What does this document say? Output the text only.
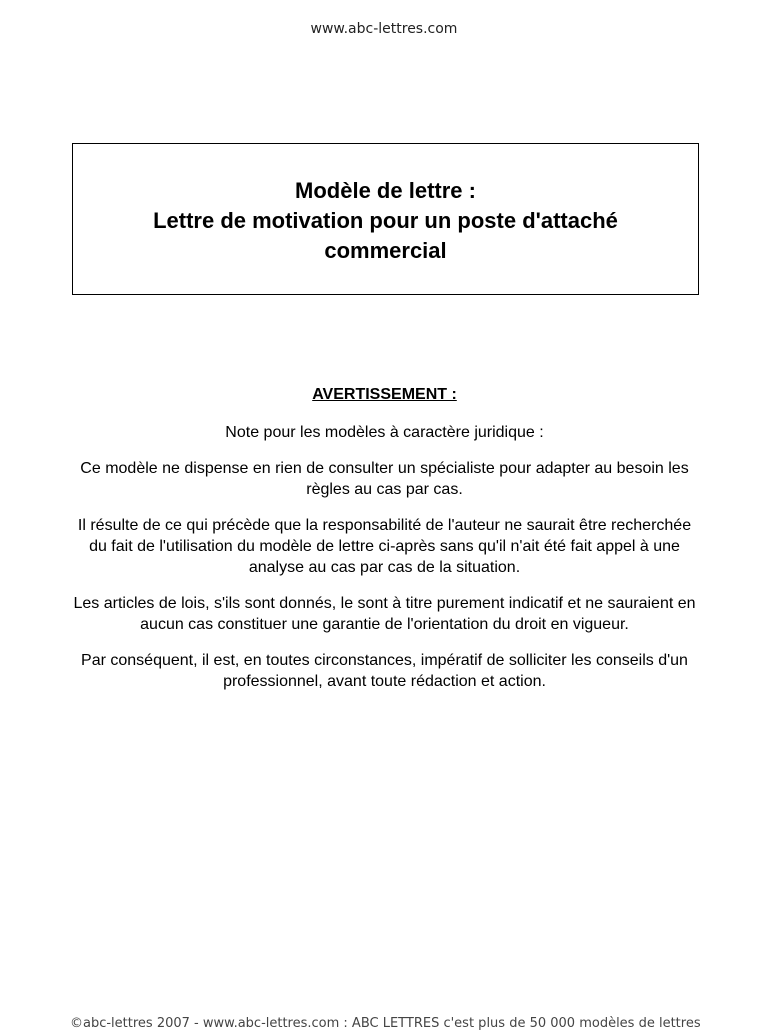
www.abc-lettres.com
Modèle de lettre :
Lettre de motivation pour un poste d'attaché
commercial
AVERTISSEMENT :

Note pour les modèles à caractère juridique :

Ce modèle ne dispense en rien de consulter un spécialiste pour adapter au besoin les règles au cas par cas.

Il résulte de ce qui précède que la responsabilité de l'auteur ne saurait être recherchée du fait de l'utilisation du modèle de lettre ci-après sans qu'il n'ait été fait appel à une analyse au cas par cas de la situation.

Les articles de lois, s'ils sont donnés, le sont à titre purement indicatif et ne sauraient en aucun cas constituer une garantie de l'orientation du droit en vigueur.

Par conséquent, il est, en toutes circonstances, impératif de solliciter les conseils d'un professionnel, avant toute rédaction et action.

©abc-lettres 2007 - www.abc-lettres.com : ABC LETTRES c'est plus de 50 000 modèles de lettres
